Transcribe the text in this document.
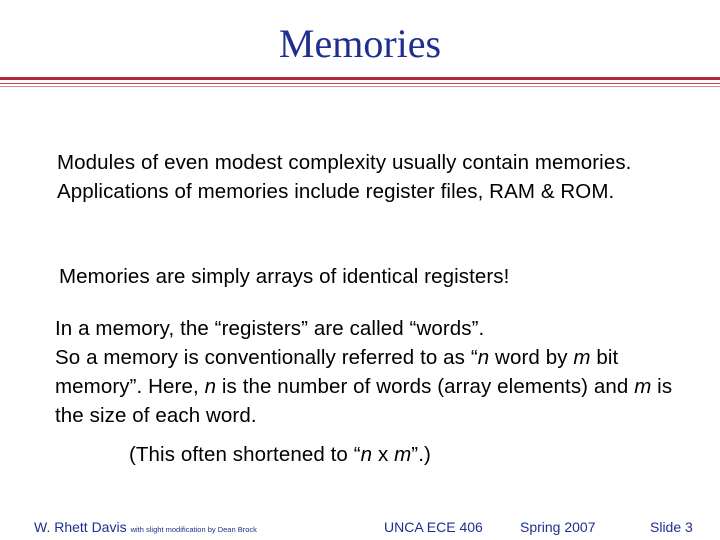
Memories

Modules of even modest complexity usually contain memories. Applications of memories include register files, RAM & ROM.

Memories are simply arrays of identical registers!

In a memory, the “registers” are called “words”.
So a memory is conventionally referred to as “n word by m bit memory”. Here, n is the number of words (array elements) and m is the size of each word.

(This often shortened to “n x m”.)

W. Rhett Davis with slight modification by Dean Brock	UNCA ECE 406	Spring 2007	Slide 3
